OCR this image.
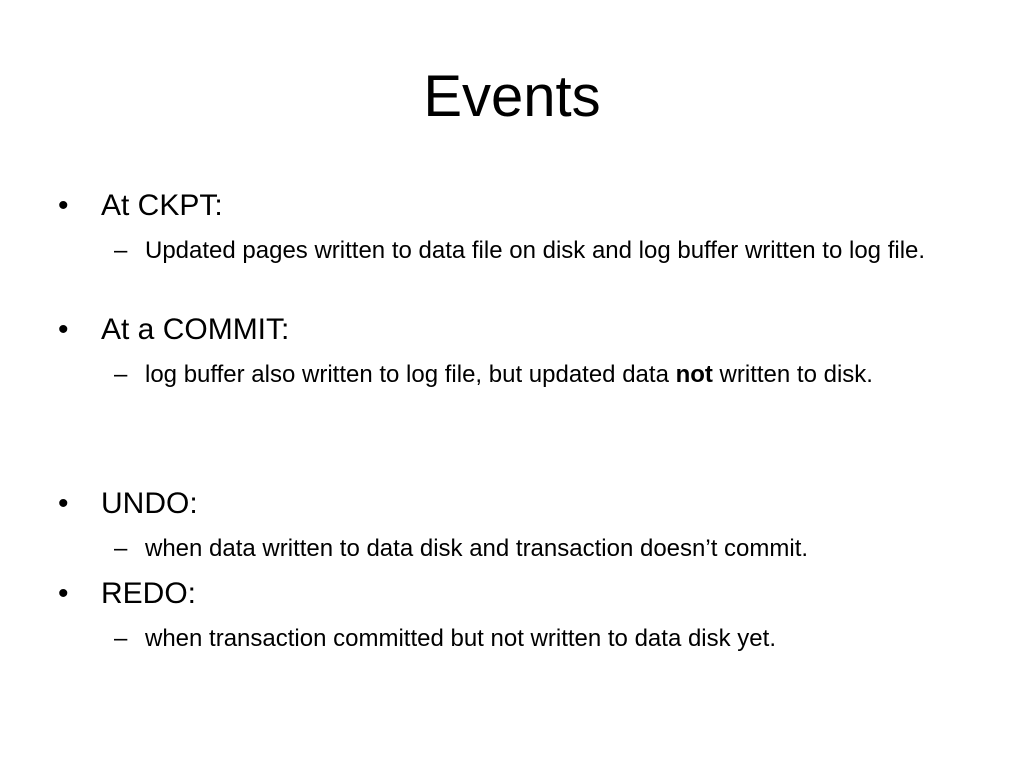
Events
• At CKPT:
– Updated pages written to data file on disk and log buffer written to log file.
• At a COMMIT:
– log buffer also written to log file, but updated data not written to disk.
• UNDO:
– when data written to data disk and transaction doesn’t commit.
• REDO:
– when transaction committed but not written to data disk yet.
